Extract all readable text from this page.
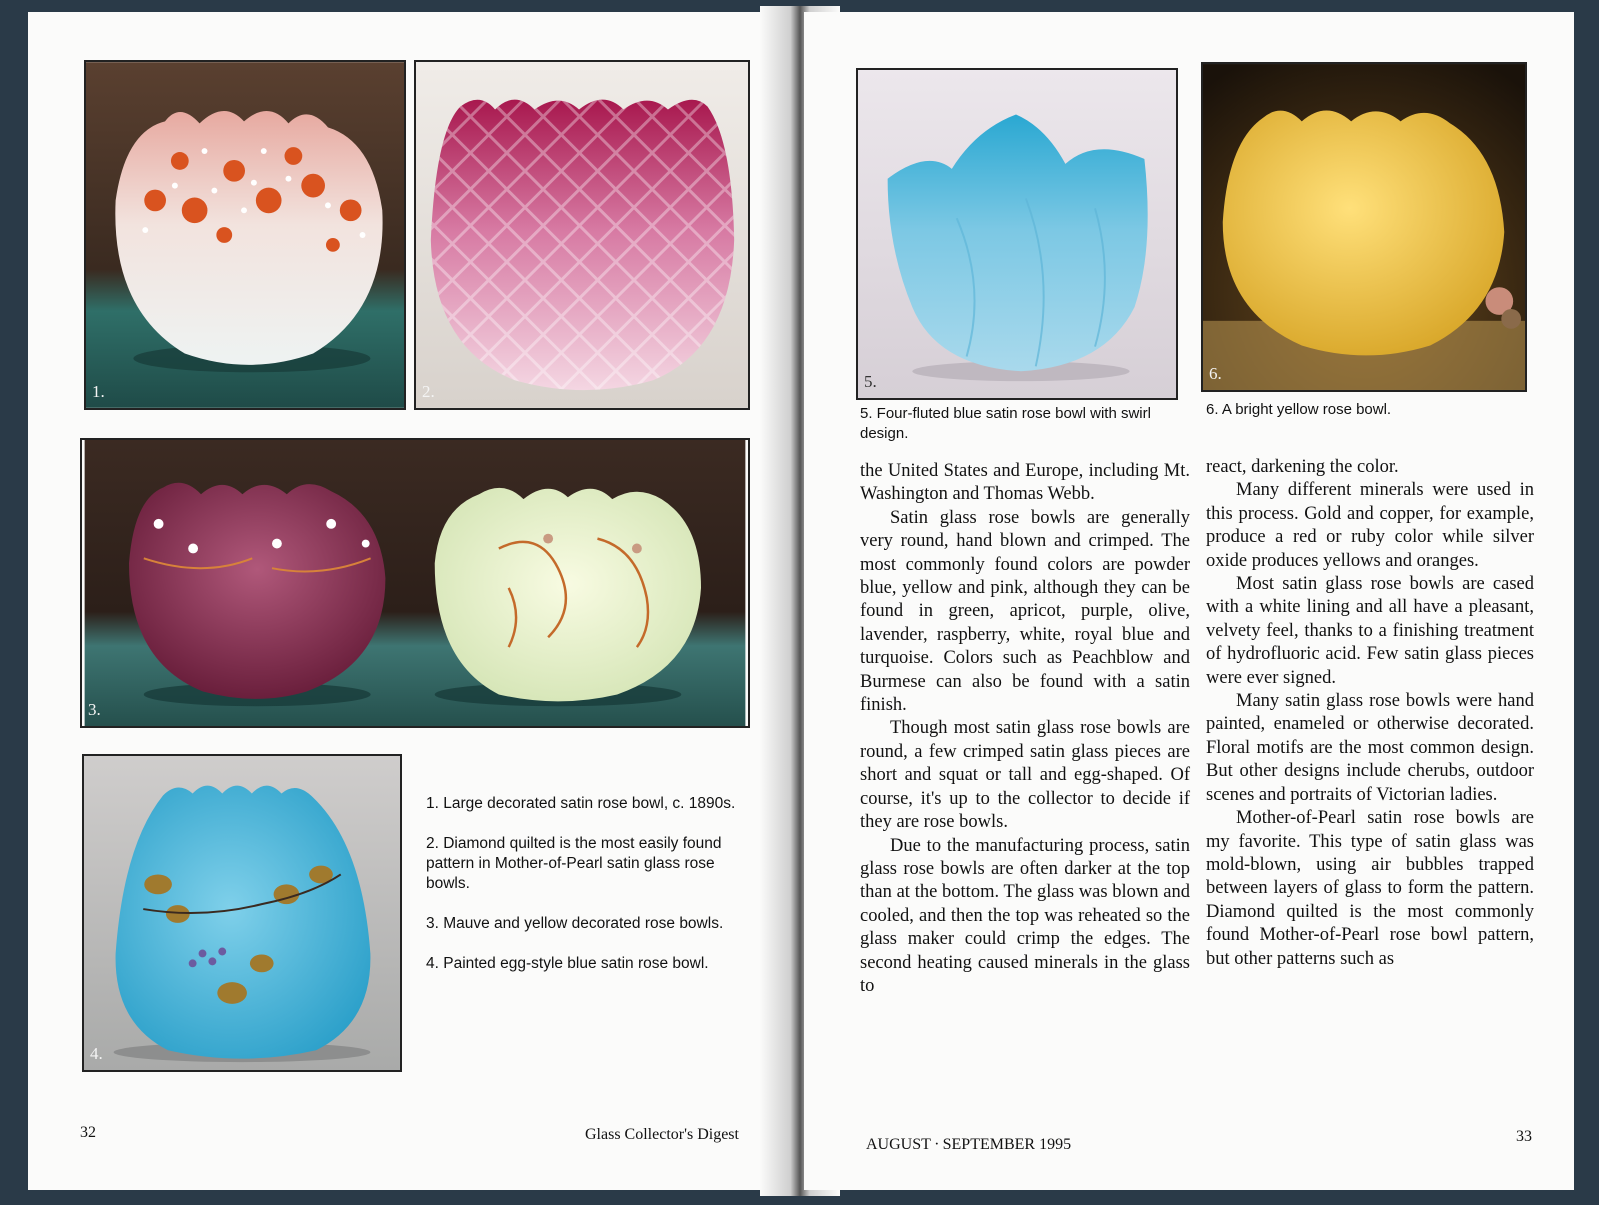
1.	2.
3.
4.

1. Large decorated satin rose bowl, c. 1890s.

2. Diamond quilted is the most easily found pattern in Mother-of-Pearl satin glass rose bowls.

3. Mauve and yellow decorated rose bowls.

4. Painted egg-style blue satin rose bowl.

32	Glass Collector's Digest
5.	6.
5. Four-fluted blue satin rose bowl with swirl design.
6. A bright yellow rose bowl.

the United States and Europe, including Mt. Washington and Thomas Webb.

Satin glass rose bowls are generally very round, hand blown and crimped. The most commonly found colors are powder blue, yellow and pink, although they can be found in green, apricot, purple, olive, lavender, raspberry, white, royal blue and turquoise. Colors such as Peachblow and Burmese can also be found with a satin finish.

Though most satin glass rose bowls are round, a few crimped satin glass pieces are short and squat or tall and egg-shaped. Of course, it's up to the collector to decide if they are rose bowls.

Due to the manufacturing process, satin glass rose bowls are often darker at the top than at the bottom. The glass was blown and cooled, and then the top was reheated so the glass maker could crimp the edges. The second heating caused minerals in the glass to

react, darkening the color.

Many different minerals were used in this process. Gold and copper, for example, produce a red or ruby color while silver oxide produces yellows and oranges.

Most satin glass rose bowls are cased with a white lining and all have a pleasant, velvety feel, thanks to a finishing treatment of hydrofluoric acid. Few satin glass pieces were ever signed.

Many satin glass rose bowls were hand painted, enameled or otherwise decorated. Floral motifs are the most common design. But other designs include cherubs, outdoor scenes and portraits of Victorian ladies.

Mother-of-Pearl satin rose bowls are my favorite. This type of satin glass was mold-blown, using air bubbles trapped between layers of glass to form the pattern. Diamond quilted is the most commonly found Mother-of-Pearl rose bowl pattern, but other patterns such as

AUGUST · SEPTEMBER 1995	33
